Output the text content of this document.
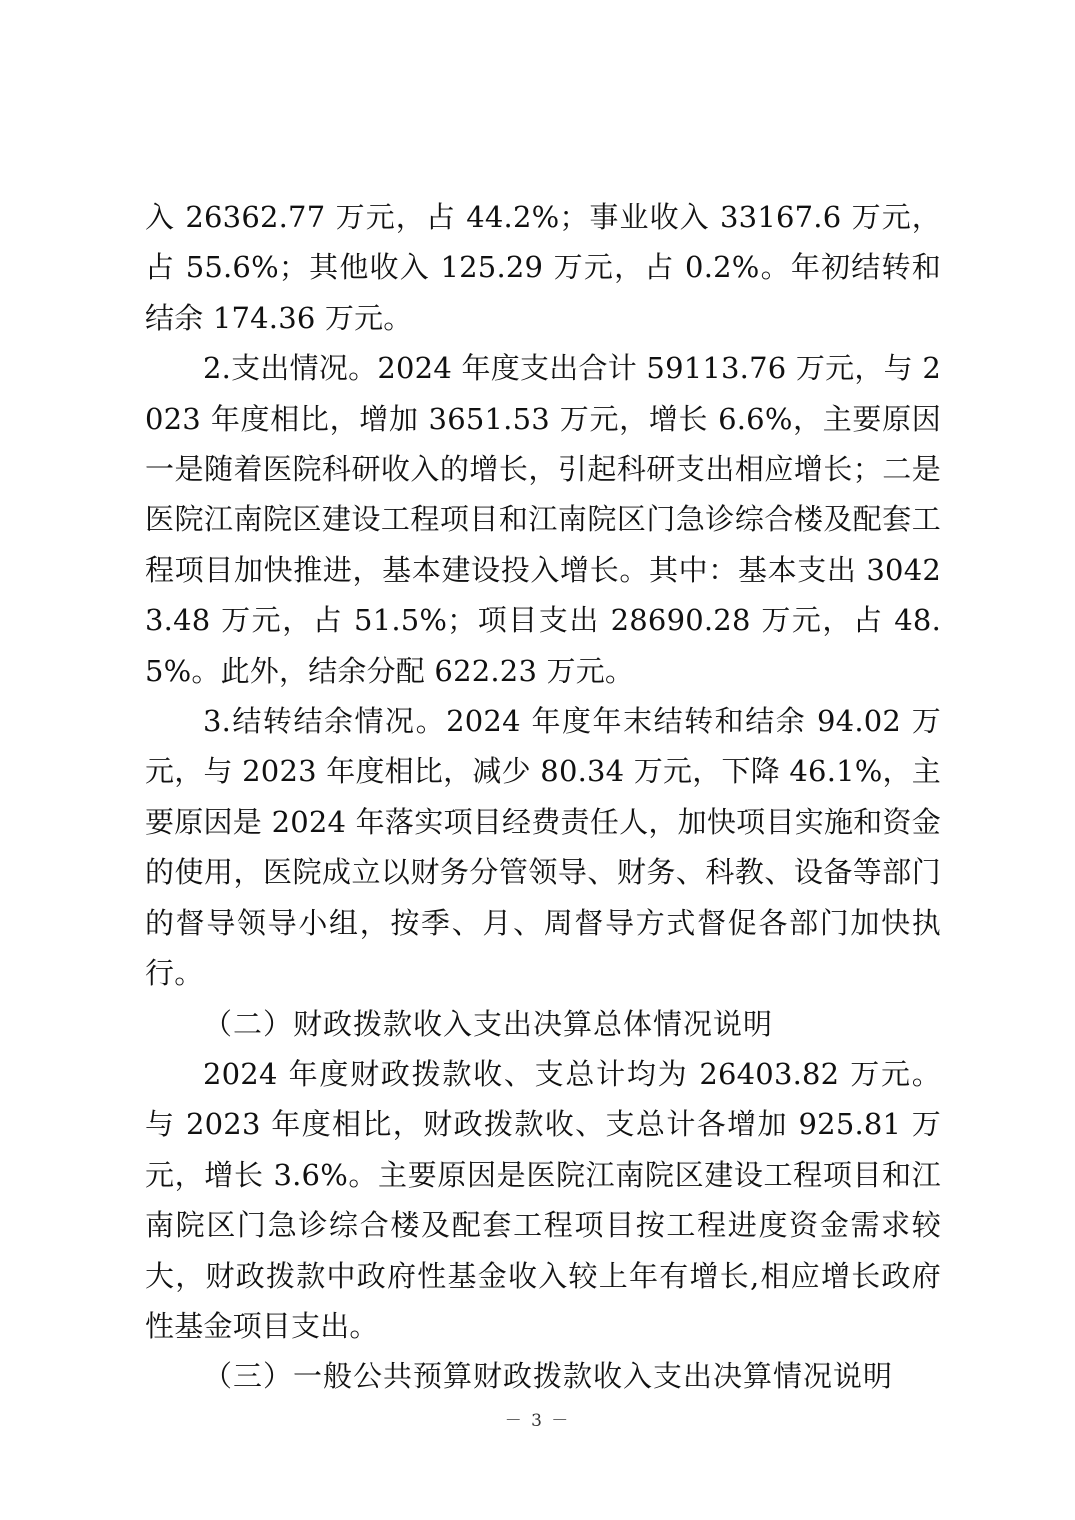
入 26362.77 万元，占 44.2%；事业收入 33167.6 万元，占 55.6%；其他收入 125.29 万元，占 0.2%。年初结转和结余 174.36 万元。

2.支出情况。2024 年度支出合计 59113.76 万元，与 2023 年度相比，增加 3651.53 万元，增长 6.6%，主要原因一是随着医院科研收入的增长，引起科研支出相应增长；二是医院江南院区建设工程项目和江南院区门急诊综合楼及配套工程项目加快推进，基本建设投入增长。其中：基本支出 30423.48 万元，占 51.5%；项目支出 28690.28 万元，占 48.5%。此外，结余分配 622.23 万元。

3.结转结余情况。2024 年度年末结转和结余 94.02 万元，与 2023 年度相比，减少 80.34 万元，下降 46.1%，主要原因是 2024 年落实项目经费责任人，加快项目实施和资金的使用，医院成立以财务分管领导、财务、科教、设备等部门的督导领导小组，按季、月、周督导方式督促各部门加快执行。

（二）财政拨款收入支出决算总体情况说明

2024 年度财政拨款收、支总计均为 26403.82 万元。与 2023 年度相比，财政拨款收、支总计各增加 925.81 万元，增长 3.6%。主要原因是医院江南院区建设工程项目和江南院区门急诊综合楼及配套工程项目按工程进度资金需求较大，财政拨款中政府性基金收入较上年有增长,相应增长政府性基金项目支出。

（三）一般公共预算财政拨款收入支出决算情况说明

－ 3 －
